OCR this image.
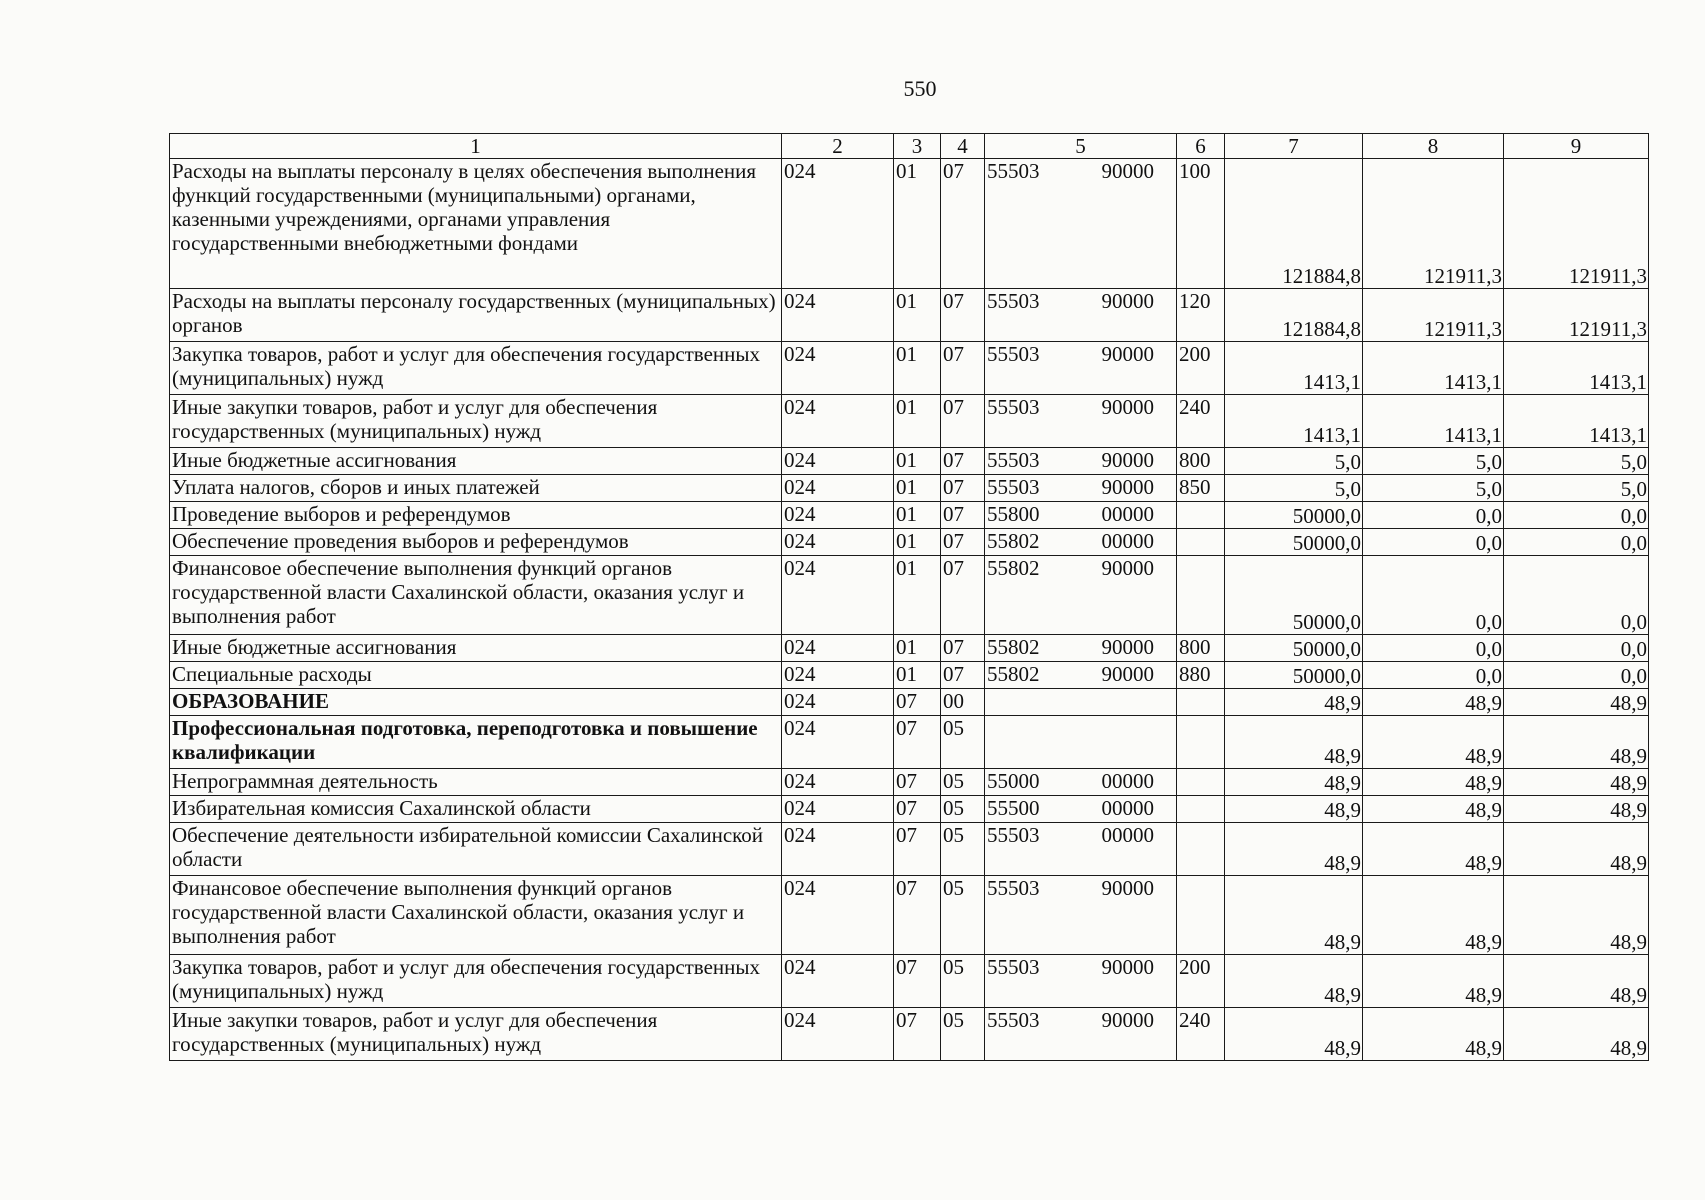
550
1	2	3	4	5	6	7	8	9
Расходы на выплаты персоналу в целях обеспечения выполнения функций государственными (муниципальными) органами, казенными учреждениями, органами управления государственными внебюджетными фондами	024	01	07	55503 90000	100	121884,8	121911,3	121911,3
Расходы на выплаты персоналу государственных (муниципальных) органов	024	01	07	55503 90000	120	121884,8	121911,3	121911,3
Закупка товаров, работ и услуг для обеспечения государственных (муниципальных) нужд	024	01	07	55503 90000	200	1413,1	1413,1	1413,1
Иные закупки товаров, работ и услуг для обеспечения государственных (муниципальных) нужд	024	01	07	55503 90000	240	1413,1	1413,1	1413,1
Иные бюджетные ассигнования	024	01	07	55503 90000	800	5,0	5,0	5,0
Уплата налогов, сборов и иных платежей	024	01	07	55503 90000	850	5,0	5,0	5,0
Проведение выборов и референдумов	024	01	07	55800 00000		50000,0	0,0	0,0
Обеспечение проведения выборов и референдумов	024	01	07	55802 00000		50000,0	0,0	0,0
Финансовое обеспечение выполнения функций органов государственной власти Сахалинской области, оказания услуг и выполнения работ	024	01	07	55802 90000		50000,0	0,0	0,0
Иные бюджетные ассигнования	024	01	07	55802 90000	800	50000,0	0,0	0,0
Специальные расходы	024	01	07	55802 90000	880	50000,0	0,0	0,0
ОБРАЗОВАНИЕ	024	07	00			48,9	48,9	48,9
Профессиональная подготовка, переподготовка и повышение квалификации	024	07	05			48,9	48,9	48,9
Непрограммная деятельность	024	07	05	55000 00000		48,9	48,9	48,9
Избирательная комиссия Сахалинской области	024	07	05	55500 00000		48,9	48,9	48,9
Обеспечение деятельности избирательной комиссии Сахалинской области	024	07	05	55503 00000		48,9	48,9	48,9
Финансовое обеспечение выполнения функций органов государственной власти Сахалинской области, оказания услуг и выполнения работ	024	07	05	55503 90000		48,9	48,9	48,9
Закупка товаров, работ и услуг для обеспечения государственных (муниципальных) нужд	024	07	05	55503 90000	200	48,9	48,9	48,9
Иные закупки товаров, работ и услуг для обеспечения государственных (муниципальных) нужд	024	07	05	55503 90000	240	48,9	48,9	48,9
